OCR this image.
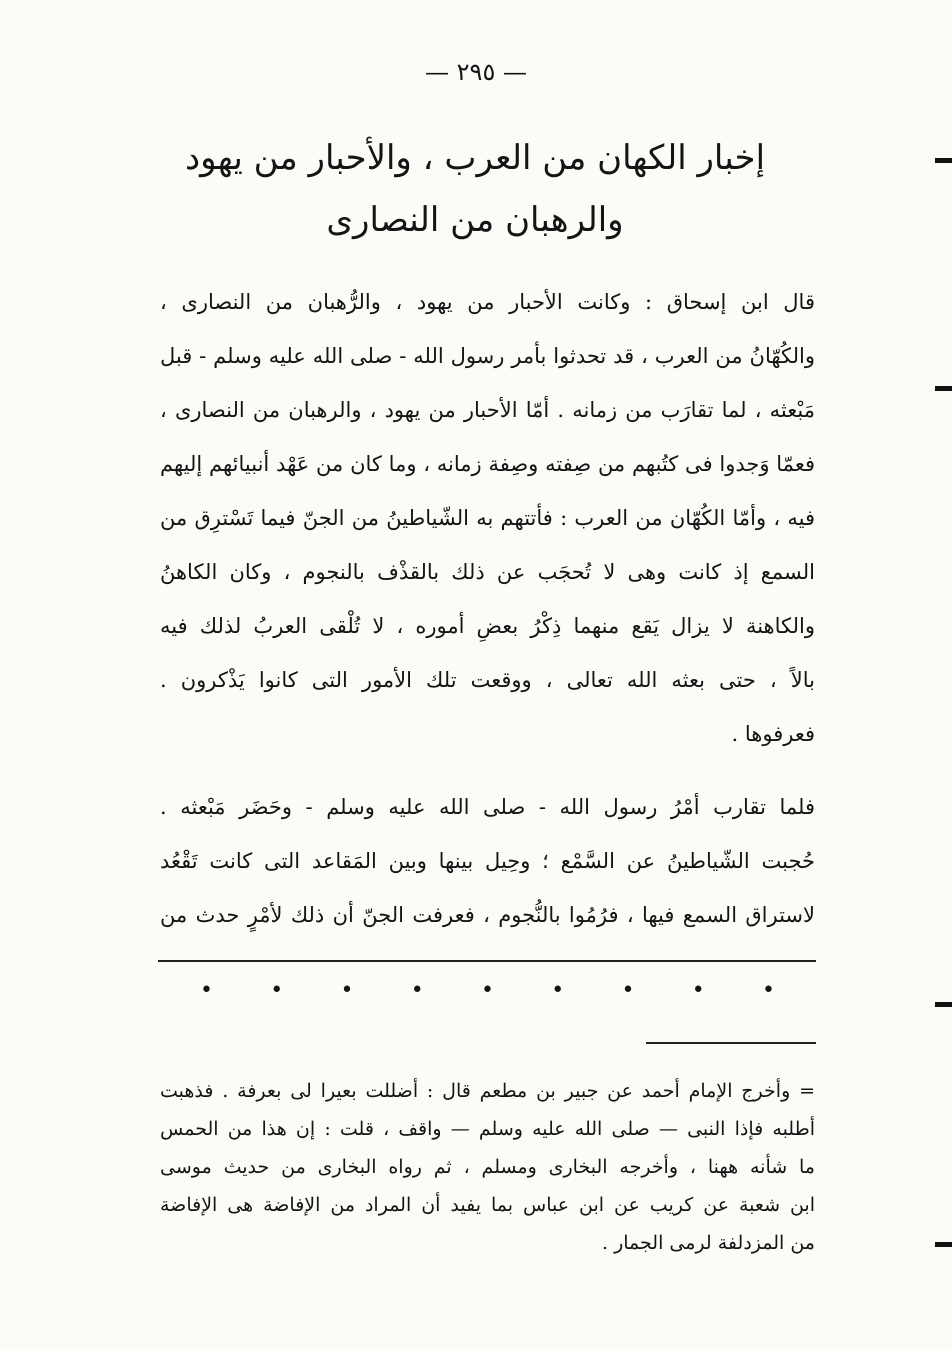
— ٢٩٥ —
إخبار الكهان من العرب ، والأحبار من يهود
والرهبان من النصارى
قال ابن إسحاق : وكانت الأحبار من يهود ، والرُّهبان من النصارى ،
والكُهّانُ من العرب ، قد تحدثوا بأمر رسول الله - صلى الله عليه وسلم - قبل
مَبْعثه ، لما تقارَب من زمانه . أمّا الأحبار من يهود ، والرهبان من النصارى ،
فعمّا وَجدوا فى كتُبهم من صِفته وصِفة زمانه ، وما كان من عَهْد أنبيائهم إليهم
فيه ، وأمّا الكُهّان من العرب : فأتتهم به الشّياطينُ من الجنّ فيما تَسْترِق من
السمع إذ كانت وهى لا تُحجَب عن ذلك بالقذْف بالنجوم ، وكان الكاهنُ
والكاهنة لا يزال يَقع منهما ذِكْرُ بعضِ أموره ، لا تُلْقى العربُ لذلك فيه
بالاً ، حتى بعثه الله تعالى ، ووقعت تلك الأمور التى كانوا يَذْكرون .
فعرفوها .
فلما تقارب أمْرُ رسول الله - صلى الله عليه وسلم - وحَضَر مَبْعثه .
حُجبت الشّياطينُ عن السَّمْع ؛ وحِيل بينها وبين المَقاعد التى كانت تَقْعُد
لاستراق السمع فيها ، فرُمُوا بالنُّجوم ، فعرفت الجنّ أن ذلك لأمْرٍ حدث من
•
•
•
•
•
•
•
•
•
= وأخرج الإمام أحمد عن جبير بن مطعم قال : أضللت بعيرا لى بعرفة . فذهبت
أطلبه فإذا النبى — صلى الله عليه وسلم — واقف ، قلت : إن هذا من الحمس
ما شأنه ههنا ، وأخرجه البخارى ومسلم ، ثم رواه البخارى من حديث موسى
ابن شعبة عن كريب عن ابن عباس بما يفيد أن المراد من الإفاضة هى الإفاضة
من المزدلفة لرمى الجمار .
